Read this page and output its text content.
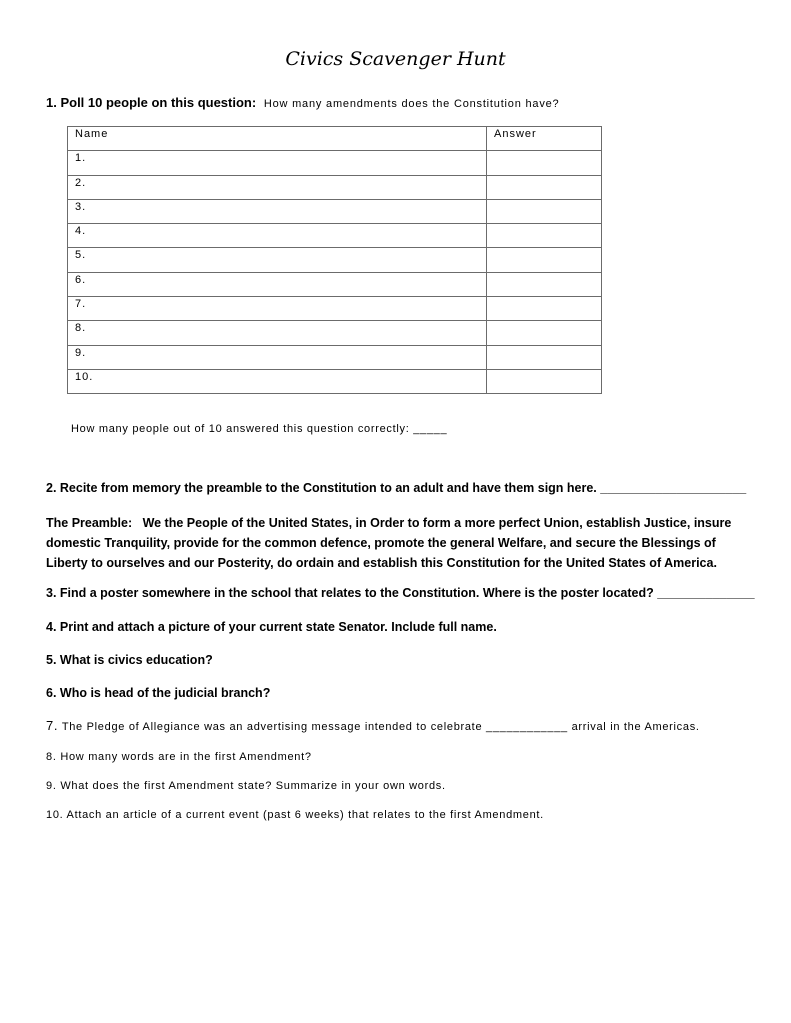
Civics Scavenger Hunt
1. Poll 10 people on this question: How many amendments does the Constitution have?
Name	Answer
1.	
2.	
3.	
4.	
5.	
6.	
7.	
8.	
9.	
10.	
How many people out of 10 answered this question correctly: _____
2. Recite from memory the preamble to the Constitution to an adult and have them sign here. _____________________
The Preamble: We the People of the United States, in Order to form a more perfect Union, establish Justice, insure domestic Tranquility, provide for the common defence, promote the general Welfare, and secure the Blessings of Liberty to ourselves and our Posterity, do ordain and establish this Constitution for the United States of America.
3. Find a poster somewhere in the school that relates to the Constitution. Where is the poster located? ______________
4. Print and attach a picture of your current state Senator. Include full name.
5. What is civics education?
6. Who is head of the judicial branch?
7. The Pledge of Allegiance was an advertising message intended to celebrate ____________ arrival in the Americas.
8. How many words are in the first Amendment?
9. What does the first Amendment state? Summarize in your own words.
10. Attach an article of a current event (past 6 weeks) that relates to the first Amendment.
